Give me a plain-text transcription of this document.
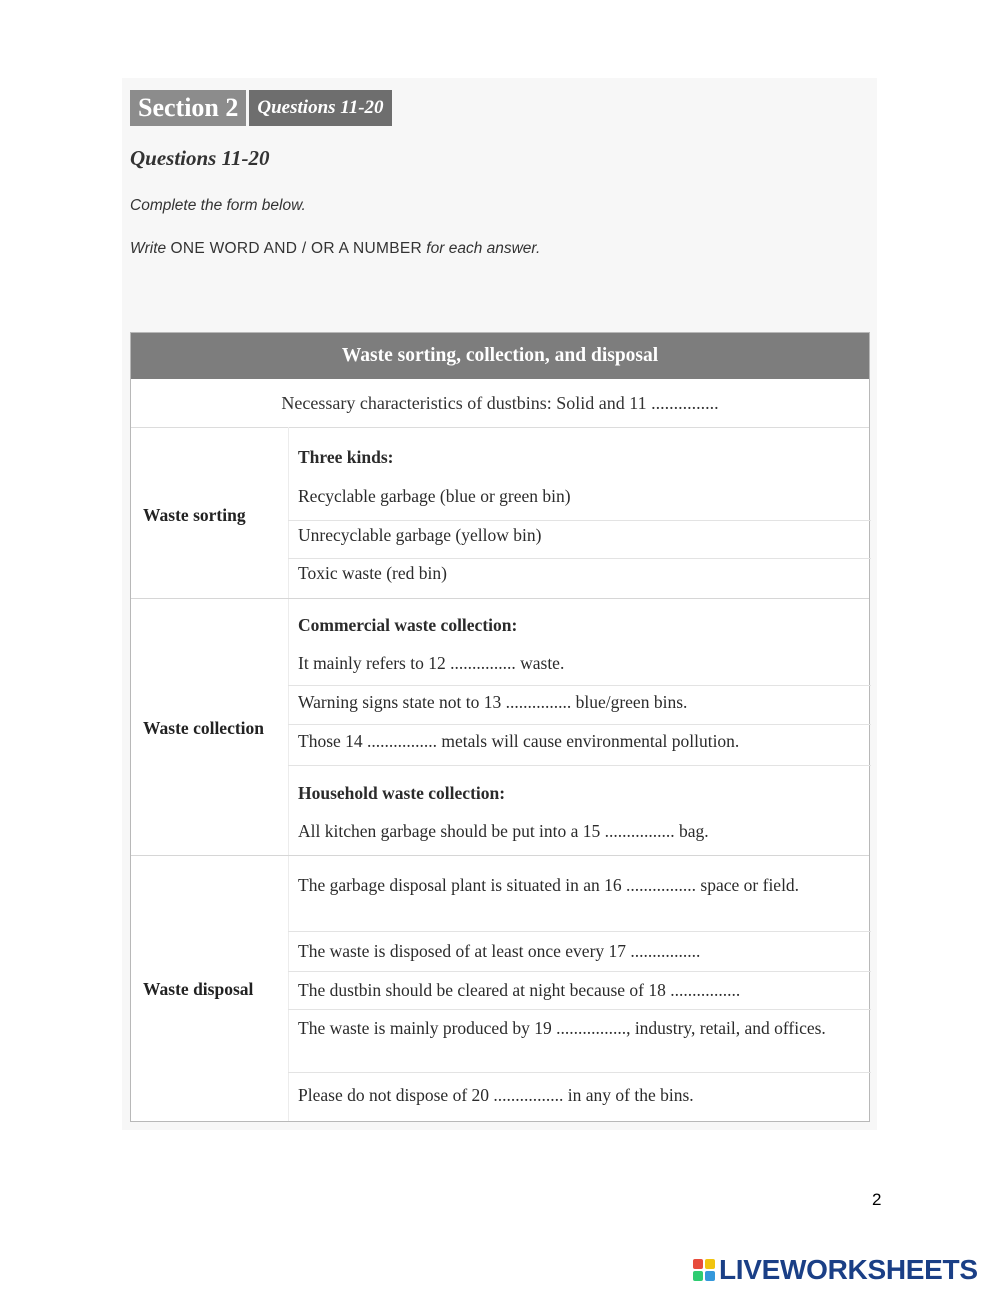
Section 2	Questions 11-20
Questions 11-20
Complete the form below.
Write ONE WORD AND / OR A NUMBER for each answer.
Waste sorting, collection, and disposal
Necessary characteristics of dustbins: Solid and 11 ...............
Waste sorting
Three kinds:
Recyclable garbage (blue or green bin)
Unrecyclable garbage (yellow bin)
Toxic waste (red bin)
Waste collection
Commercial waste collection:
It mainly refers to 12 ............... waste.
Warning signs state not to 13 ............... blue/green bins.
Those 14 ................ metals will cause environmental pollution.
Household waste collection:
All kitchen garbage should be put into a 15 ................ bag.
Waste disposal
The garbage disposal plant is situated in an 16 ................ space or field.
The waste is disposed of at least once every 17 ................
The dustbin should be cleared at night because of 18 ................
The waste is mainly produced by 19 ................, industry, retail, and offices.
Please do not dispose of 20 ................ in any of the bins.
2
LIVEWORKSHEETS
